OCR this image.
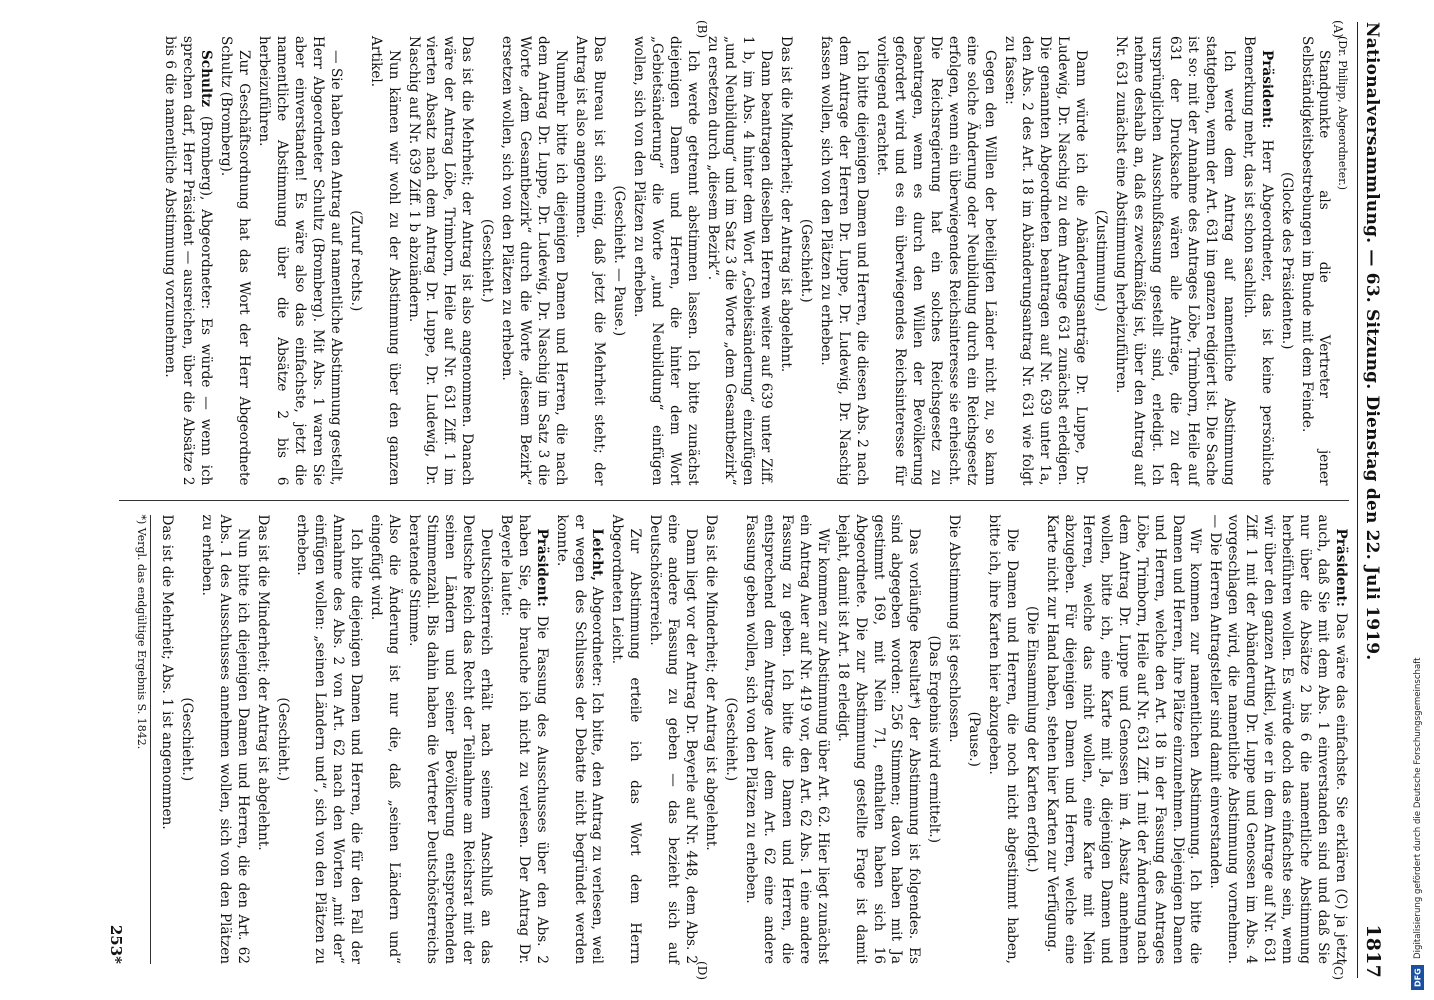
Nationalversammlung. — 63. Sitzung. Dienstag den 22. Juli 1919.
1817

(Dr. Philipp, Abgeordneter.)

Standpunkte als die Vertreter jener Selbständigkeitsbestrebungen im Bunde mit dem Feinde.

(Glocke des Präsidenten.)

Präsident: Herr Abgeordneter, das ist keine persönliche Bemerkung mehr, das ist schon sachlich.

Ich werde dem Antrag auf namentliche Abstimmung stattgeben, wenn der Art. 631 im ganzen redigiert ist. Die Sache ist so: mit der Annahme des Antrages Löbe, Trimborn, Heile auf 631 der Drucksache wären alle Anträge, die zu der ursprünglichen Ausschußfassung gestellt sind, erledigt. Ich nehme deshalb an, daß es zweckmäßig ist, über den Antrag auf Nr. 631 zunächst eine Abstimmung herbeizuführen.

(Zustimmung.)

Dann würde ich die Abänderungsanträge Dr. Luppe, Dr. Ludewig, Dr. Naschig zu dem Antrage 631 zunächst erledigen. Die genannten Abgeordneten beantragen auf Nr. 639 unter 1a, den Abs. 2 des Art. 18 im Abänderungsantrag Nr. 631 wie folgt zu fassen:

Gegen den Willen der beteiligten Länder nicht zu, so kann eine solche Änderung oder Neubildung durch ein Reichsgesetz erfolgen, wenn ein überwiegendes Reichsinteresse sie erheischt. Die Reichsregierung hat ein solches Reichsgesetz zu beantragen, wenn es durch den Willen der Bevölkerung gefordert wird und es ein überwiegendes Reichsinteresse für vorliegend erachtet.

Ich bitte diejenigen Damen und Herren, die diesen Abs. 2 nach dem Antrage der Herren Dr. Luppe, Dr. Ludewig, Dr. Naschig fassen wollen, sich von den Plätzen zu erheben.

(Geschieht.)

Das ist die Minderheit; der Antrag ist abgelehnt.

Dann beantragen dieselben Herren weiter auf 639 unter Ziff. 1 b, im Abs. 4 hinter dem Wort „Gebietsänderung“ einzufügen „und Neubildung“ und im Satz 3 die Worte „dem Gesamtbezirk“ zu ersetzen durch „diesem Bezirk“.

Ich werde getrennt abstimmen lassen. Ich bitte zunächst diejenigen Damen und Herren, die hinter dem Wort „Gebietsänderung“ die Worte „und Neubildung“ einfügen wollen, sich von den Plätzen zu erheben.

(Geschieht. — Pause.)

Das Bureau ist sich einig, daß jetzt die Mehrheit steht; der Antrag ist also angenommen.

Nunmehr bitte ich diejenigen Damen und Herren, die nach dem Antrag Dr. Luppe, Dr. Ludewig, Dr. Naschig im Satz 3 die Worte „dem Gesamtbezirk“ durch die Worte „diesem Bezirk“ ersetzen wollen, sich von den Plätzen zu erheben.

(Geschieht.)

Das ist die Mehrheit; der Antrag ist also angenommen. Danach wäre der Antrag Löbe, Trimborn, Heile auf Nr. 631 Ziff. 1 im vierten Absatz nach dem Antrag Dr. Luppe, Dr. Ludewig, Dr. Naschig auf Nr. 639 Ziff. 1 b abzuändern.

Nun kämen wir wohl zu der Abstimmung über den ganzen Artikel.

(Zuruf rechts.)

— Sie haben den Antrag auf namentliche Abstimmung gestellt, Herr Abgeordneter Schultz (Bromberg). Mit Abs. 1 waren Sie aber einverstanden! Es wäre also das einfachste, jetzt die namentliche Abstimmung über die Absätze 2 bis 6 herbeizuführen.

Zur Geschäftsordnung hat das Wort der Herr Abgeordnete Schultz (Bromberg).

Schultz (Bromberg), Abgeordneter: Es würde — wenn ich sprechen darf, Herr Präsident — ausreichen, über die Absätze 2 bis 6 die namentliche Abstimmung vorzunehmen.

(A)
(B)

Präsident: Das wäre das einfachste. Sie erklären (C) ja jetzt auch, daß Sie mit dem Abs. 1 einverstanden sind und daß Sie nur über die Absätze 2 bis 6 die namentliche Abstimmung herbeiführen wollen. Es würde doch das einfachste sein, wenn wir über den ganzen Artikel, wie er in dem Antrage auf Nr. 631 Ziff. 1 mit der Abänderung Dr. Luppe und Genossen im Abs. 4 vorgeschlagen wird, die namentliche Abstimmung vornehmen. — Die Herren Antragsteller sind damit einverstanden.

Wir kommen zur namentlichen Abstimmung. Ich bitte die Damen und Herren, ihre Plätze einzunehmen. Diejenigen Damen und Herren, welche den Art. 18 in der Fassung des Antrages Löbe, Trimborn, Heile auf Nr. 631 Ziff. 1 mit der Änderung nach dem Antrag Dr. Luppe und Genossen im 4. Absatz annehmen wollen, bitte ich, eine Karte mit Ja, diejenigen Damen und Herren, welche das nicht wollen, eine Karte mit Nein abzugeben. Für diejenigen Damen und Herren, welche eine Karte nicht zur Hand haben, stehen hier Karten zur Verfügung.

(Die Einsammlung der Karten erfolgt.)

Die Damen und Herren, die noch nicht abgestimmt haben, bitte ich, ihre Karten hier abzugeben.

(Pause.)

Die Abstimmung ist geschlossen.

(Das Ergebnis wird ermittelt.)

Das vorläufige Resultat*) der Abstimmung ist folgendes. Es sind abgegeben worden: 256 Stimmen; davon haben mit Ja gestimmt 169, mit Nein 71, enthalten haben sich 16 Abgeordnete. Die zur Abstimmung gestellte Frage ist damit bejaht, damit ist Art. 18 erledigt.

Wir kommen zur Abstimmung über Art. 62. Hier liegt zunächst ein Antrag Auer auf Nr. 419 vor, den Art. 62 Abs. 1 eine andere Fassung zu geben. Ich bitte die Damen und Herren, die entsprechend dem Antrage Auer dem Art. 62 eine andere Fassung geben wollen, sich von den Plätzen zu erheben.

(Geschieht.)

Das ist die Minderheit; der Antrag ist abgelehnt.

Dann liegt vor der Antrag Dr. Beyerle auf Nr. 448, dem Abs. 2 eine andere Fassung zu geben — das bezieht sich auf Deutschösterreich.

Zur Abstimmung erteile ich das Wort dem Herrn Abgeordneten Leicht.

Leicht, Abgeordneter: Ich bitte, den Antrag zu verlesen, weil er wegen des Schlusses der Debatte nicht begründet werden konnte.

Präsident: Die Fassung des Ausschusses über den Abs. 2 haben Sie, die brauche ich nicht zu verlesen. Der Antrag Dr. Beyerle lautet:

Deutschösterreich erhält nach seinem Anschluß an das Deutsche Reich das Recht der Teilnahme am Reichsrat mit der seinen Ländern und seiner Bevölkerung entsprechenden Stimmenzahl. Bis dahin haben die Vertreter Deutschösterreichs beratende Stimme.

Also die Änderung ist nur die, daß „seinen Ländern und“ eingefügt wird.

Ich bitte diejenigen Damen und Herren, die für den Fall der Annahme des Abs. 2 von Art. 62 nach den Worten „mit der“ einfügen wollen: „seinen Ländern und“, sich von den Plätzen zu erheben.

(Geschieht.)

Das ist die Minderheit; der Antrag ist abgelehnt.

Nun bitte ich diejenigen Damen und Herren, die den Art. 62 Abs. 1 des Ausschusses annehmen wollen, sich von den Plätzen zu erheben.

(Geschieht.)

Das ist die Mehrheit; Abs. 1 ist angenommen.

*) Vergl. das endgültige Ergebnis S. 1842.

253*
(C)
(D)	DFG
Digitalisierung gefördert durch die Deutsche Forschungsgemeinschaft
